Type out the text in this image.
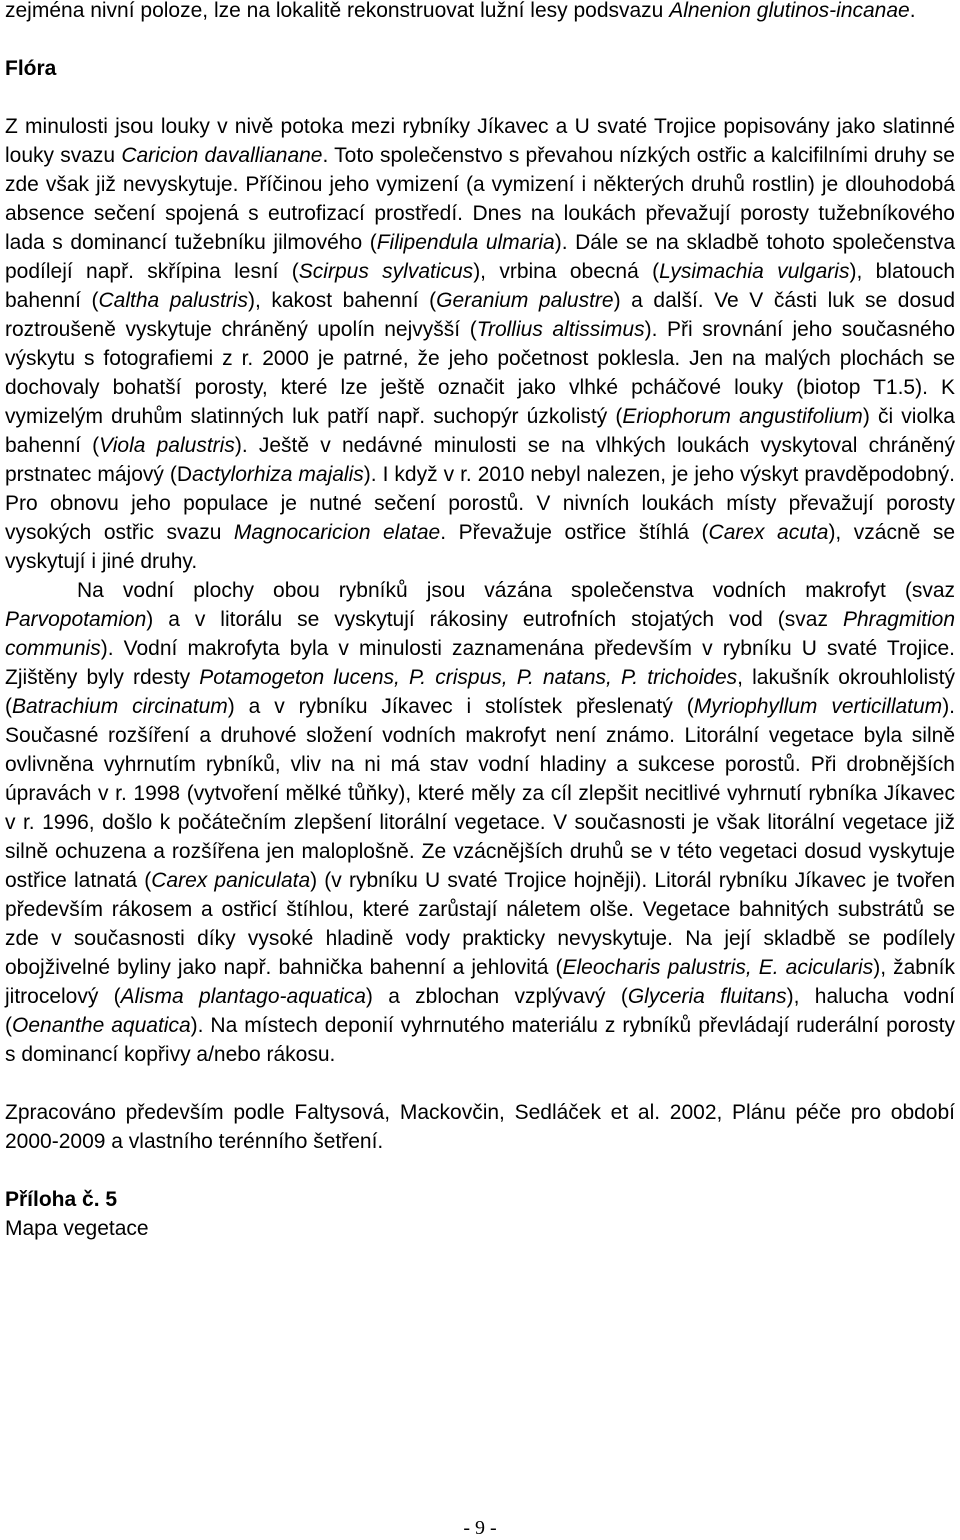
zejména nivní poloze, lze na lokalitě rekonstruovat lužní lesy podsvazu Alnenion glutinos-incanae.

Flóra

Z minulosti jsou louky v nivě potoka mezi rybníky Jíkavec a U svaté Trojice popisovány jako slatinné louky svazu Caricion davallianane. Toto společenstvo s převahou nízkých ostřic a kalcifilními druhy se zde však již nevyskytuje. Příčinou jeho vymizení (a vymizení i některých druhů rostlin) je dlouhodobá absence sečení spojená s eutrofizací prostředí. Dnes na loukách převažují porosty tužebníkového lada s dominancí tužebníku jilmového (Filipendula ulmaria). Dále se na skladbě tohoto společenstva podílejí např. skřípina lesní (Scirpus sylvaticus), vrbina obecná (Lysimachia vulgaris), blatouch bahenní (Caltha palustris), kakost bahenní (Geranium palustre) a další. Ve V části luk se dosud roztroušeně vyskytuje chráněný upolín nejvyšší (Trollius altissimus). Při srovnání jeho současného výskytu s fotografiemi z r. 2000 je patrné, že jeho početnost poklesla. Jen na malých plochách se dochovaly bohatší porosty, které lze ještě označit jako vlhké pcháčové louky (biotop T1.5). K vymizelým druhům slatinných luk patří např. suchopýr úzkolistý (Eriophorum angustifolium) či violka bahenní (Viola palustris). Ještě v nedávné minulosti se na vlhkých loukách vyskytoval chráněný prstnatec májový (Dactylorhiza majalis). I když v r. 2010 nebyl nalezen, je jeho výskyt pravděpodobný. Pro obnovu jeho populace je nutné sečení porostů. V nivních loukách místy převažují porosty vysokých ostřic svazu Magnocaricion elatae. Převažuje ostřice štíhlá (Carex acuta), vzácně se vyskytují i jiné druhy.

Na vodní plochy obou rybníků jsou vázána společenstva vodních makrofyt (svaz Parvopotamion) a v litorálu se vyskytují rákosiny eutrofních stojatých vod (svaz Phragmition communis). Vodní makrofyta byla v minulosti zaznamenána především v rybníku U svaté Trojice. Zjištěny byly rdesty Potamogeton lucens, P. crispus, P. natans, P. trichoides, lakušník okrouhlolistý (Batrachium circinatum) a v rybníku Jíkavec i stolístek přeslenatý (Myriophyllum verticillatum). Současné rozšíření a druhové složení vodních makrofyt není známo. Litorální vegetace byla silně ovlivněna vyhrnutím rybníků, vliv na ni má stav vodní hladiny a sukcese porostů. Při drobnějších úpravách v r. 1998 (vytvoření mělké tůňky), které měly za cíl zlepšit necitlivé vyhrnutí rybníka Jíkavec v r. 1996, došlo k počátečním zlepšení litorální vegetace. V současnosti je však litorální vegetace již silně ochuzena a rozšířena jen maloplošně. Ze vzácnějších druhů se v této vegetaci dosud vyskytuje ostřice latnatá (Carex paniculata) (v rybníku U svaté Trojice hojněji). Litorál rybníku Jíkavec je tvořen především rákosem a ostřicí štíhlou, které zarůstají náletem olše. Vegetace bahnitých substrátů se zde v současnosti díky vysoké hladině vody prakticky nevyskytuje. Na její skladbě se podílely obojživelné byliny jako např. bahnička bahenní a jehlovitá (Eleocharis palustris, E. acicularis), žabník jitrocelový (Alisma plantago-aquatica) a zblochan vzplývavý (Glyceria fluitans), halucha vodní (Oenanthe aquatica). Na místech deponií vyhrnutého materiálu z rybníků převládají ruderální porosty s dominancí kopřivy a/nebo rákosu.

Zpracováno především podle Faltysová, Mackovčin, Sedláček et al. 2002, Plánu péče pro období 2000-2009 a vlastního terénního šetření.

Příloha č. 5

Mapa vegetace

- 9 -
